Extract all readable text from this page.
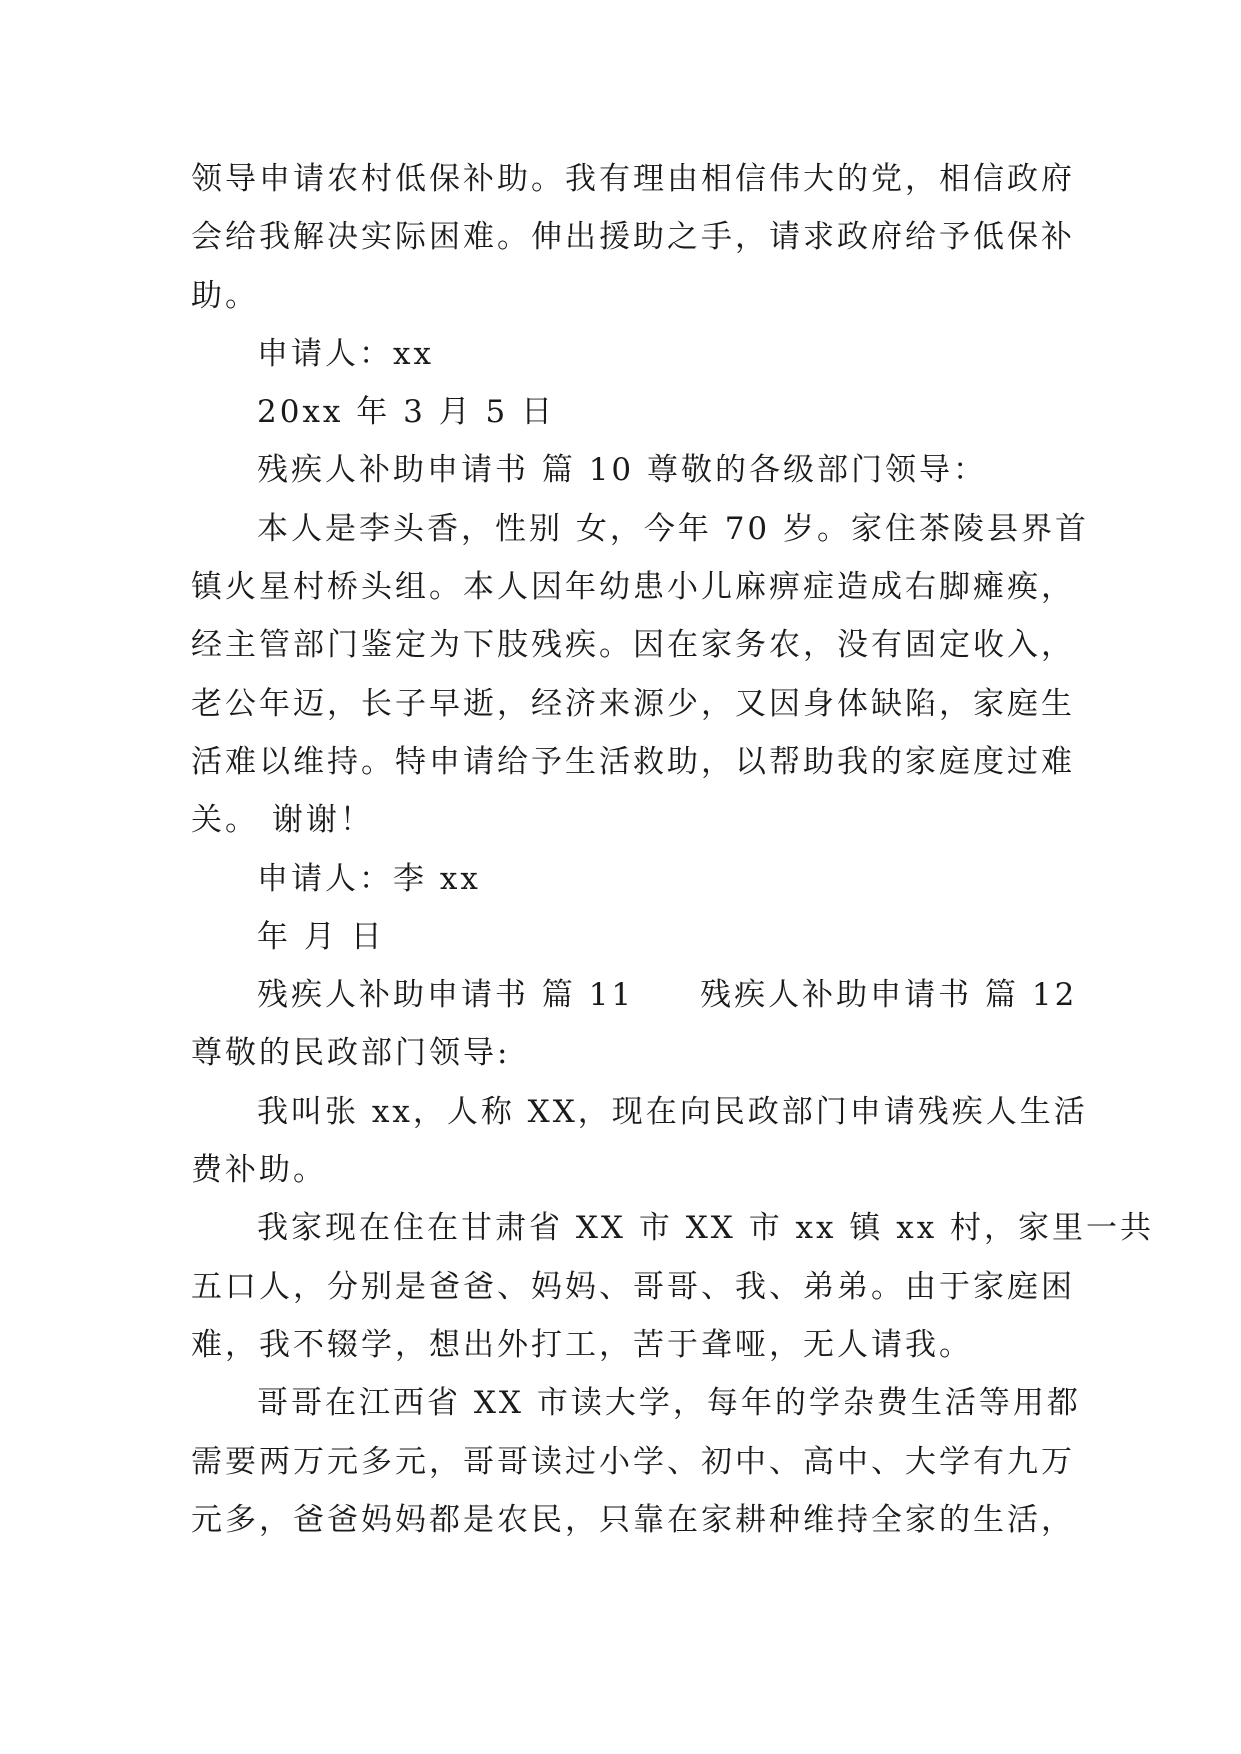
领导申请农村低保补助。我有理由相信伟大的党，相信政府
会给我解决实际困难。伸出援助之手，请求政府给予低保补
助。
申请人：xx
20xx 年 3 月 5 日
残疾人补助申请书 篇 10 尊敬的各级部门领导：
本人是李头香，性别 女，今年 70 岁。家住茶陵县界首
镇火星村桥头组。本人因年幼患小儿麻痹症造成右脚瘫痪，
经主管部门鉴定为下肢残疾。因在家务农，没有固定收入，
老公年迈，长子早逝，经济来源少，又因身体缺陷，家庭生
活难以维持。特申请给予生活救助，以帮助我的家庭度过难
关。 谢谢！
申请人：李 xx
年 月 日
残疾人补助申请书 篇 11 残疾人补助申请书 篇 12
尊敬的民政部门领导:
我叫张 xx，人称 XX，现在向民政部门申请残疾人生活
费补助。
我家现在住在甘肃省 XX 市 XX 市 xx 镇 xx 村，家里一共
五口人，分别是爸爸、妈妈、哥哥、我、弟弟。由于家庭困
难，我不辍学，想出外打工，苦于聋哑，无人请我。
哥哥在江西省 XX 市读大学，每年的学杂费生活等用都
需要两万元多元，哥哥读过小学、初中、高中、大学有九万
元多，爸爸妈妈都是农民，只靠在家耕种维持全家的生活，
